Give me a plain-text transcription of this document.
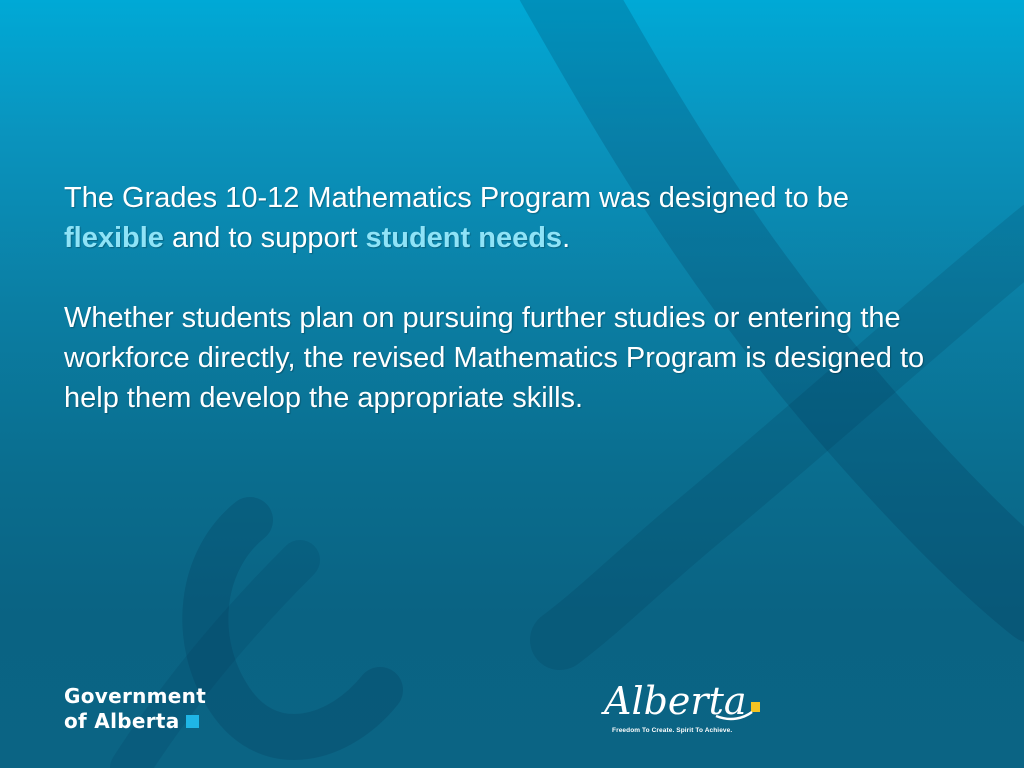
The Grades 10-12 Mathematics Program was designed to be flexible and to support student needs.

Whether students plan on pursuing further studies or entering the workforce directly, the revised Mathematics Program is designed to help them develop the appropriate skills.

Government
of Alberta	Alberta
Freedom To Create. Spirit To Achieve.
